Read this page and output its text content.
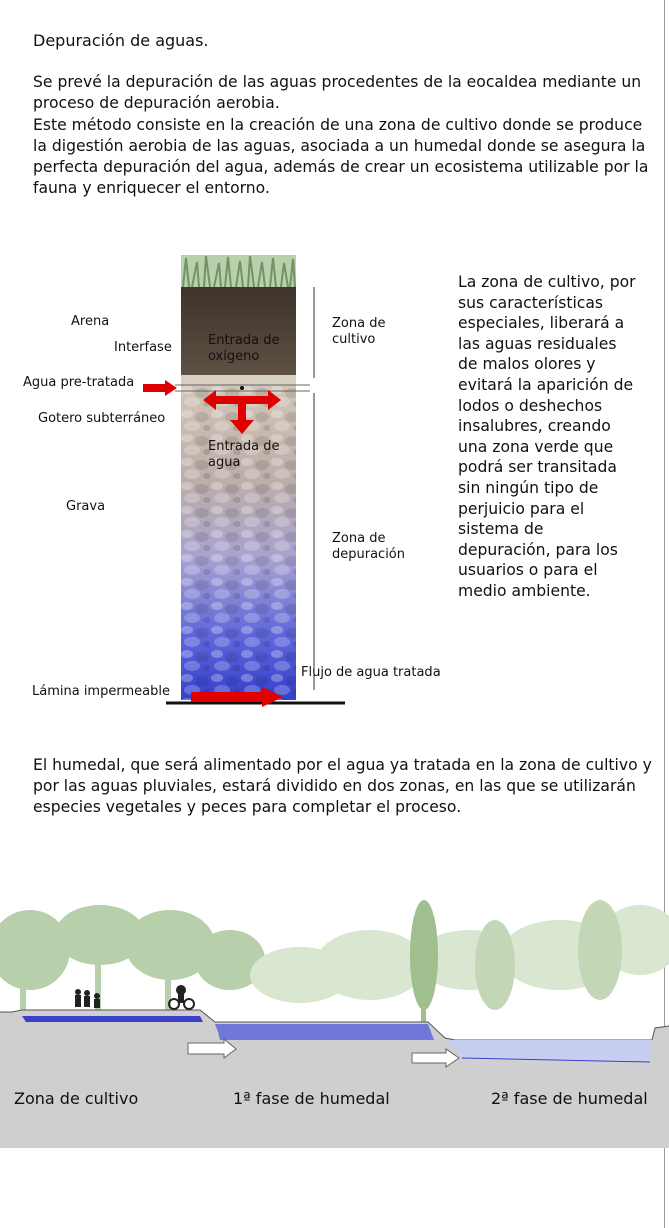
Depuración de aguas.

Se prevé la depuración de las aguas procedentes de la eocaldea mediante un proceso de depuración aerobia.

Este método consiste en la creación de una zona de cultivo donde se produce la digestión aerobia de las aguas, asociada a un humedal donde se asegura la perfecta depuración del agua, además de crear un ecosistema utilizable por la fauna y enriquecer el entorno.

La zona de cultivo, por sus características especiales, liberará a las aguas residuales de malos olores y evitará la aparición de lodos o deshechos insalubres, creando una zona verde que podrá ser transitada sin ningún tipo de perjuicio para el sistema de depuración, para los usuarios o para el medio ambiente.

El humedal, que será alimentado por el agua ya tratada en la zona de cultivo y por las aguas pluviales, estará dividido en dos zonas, en las que se utilizarán especies vegetales y peces para completar el proceso.

Arena
Interfase
Agua pre-tratada
Gotero subterráneo
Grava
Lámina impermeable
Entrada de oxígeno
Entrada de agua
Zona de cultivo
Zona de depuración
Flujo de agua tratada
Zona de cultivo	1ª fase de humedal	2ª fase de humedal
